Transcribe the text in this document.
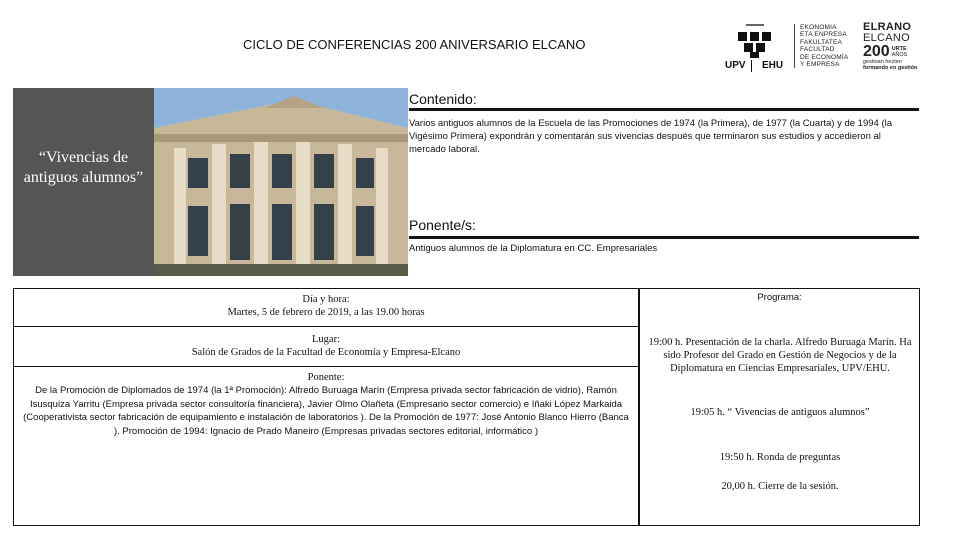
CICLO DE CONFERENCIAS 200 ANIVERSARIO ELCANO
UPV EHU
EKONOMIA
ETA ENPRESA
FAKULTATEA
FACULTAD
DE ECONOMÍA
Y EMPRESA
ELRANO
ELCANO
200 URTE
AÑOS
gestioan hezten
formando en gestión
“Vivencias de antiguos alumnos”
Contenido:
Varios antiguos alumnos de la Escuela de las Promociones de 1974 (la Primera), de 1977 (la Cuarta) y de 1994 (la Vigésimo Primera) expondrán y comentarán sus vivencias después que terminaron sus estudios y accedieron al mercado laboral.
Ponente/s:
Antiguos alumnos de la Diplomatura en CC. Empresariales
Día y hora:
Martes, 5 de febrero de 2019, a las 19.00 horas
Lugar:
Salón de Grados de la Facultad de Economía y Empresa-Elcano
Ponente:
De la Promoción de Diplomados de 1974 (la 1ª Promoción): Alfredo Buruaga Marín (Empresa privada sector fabricación de vidrio), Ramón Isusquiza Yarritu (Empresa privada sector consultoría financiera), Javier Olmo Olañeta (Empresario sector comercio) e Iñaki López Markaida (Cooperativista sector fabricación de equipamiento e instalación de laboratorios ). De la Promoción de 1977: José Antonio Blanco Hierro (Banca ). Promoción de 1994: Ignacio de Prado Maneiro (Empresas privadas sectores editorial, informático )
Programa:
19:00 h. Presentación de la charla. Alfredo Buruaga Marín. Ha sido Profesor del Grado en Gestión de Negocios y de la Diplomatura en Ciencias Empresariales, UPV/EHU.
19:05 h. “ Vivencias de antiguos alumnos”
19:50 h. Ronda de preguntas
20,00 h. Cierre de la sesión.
